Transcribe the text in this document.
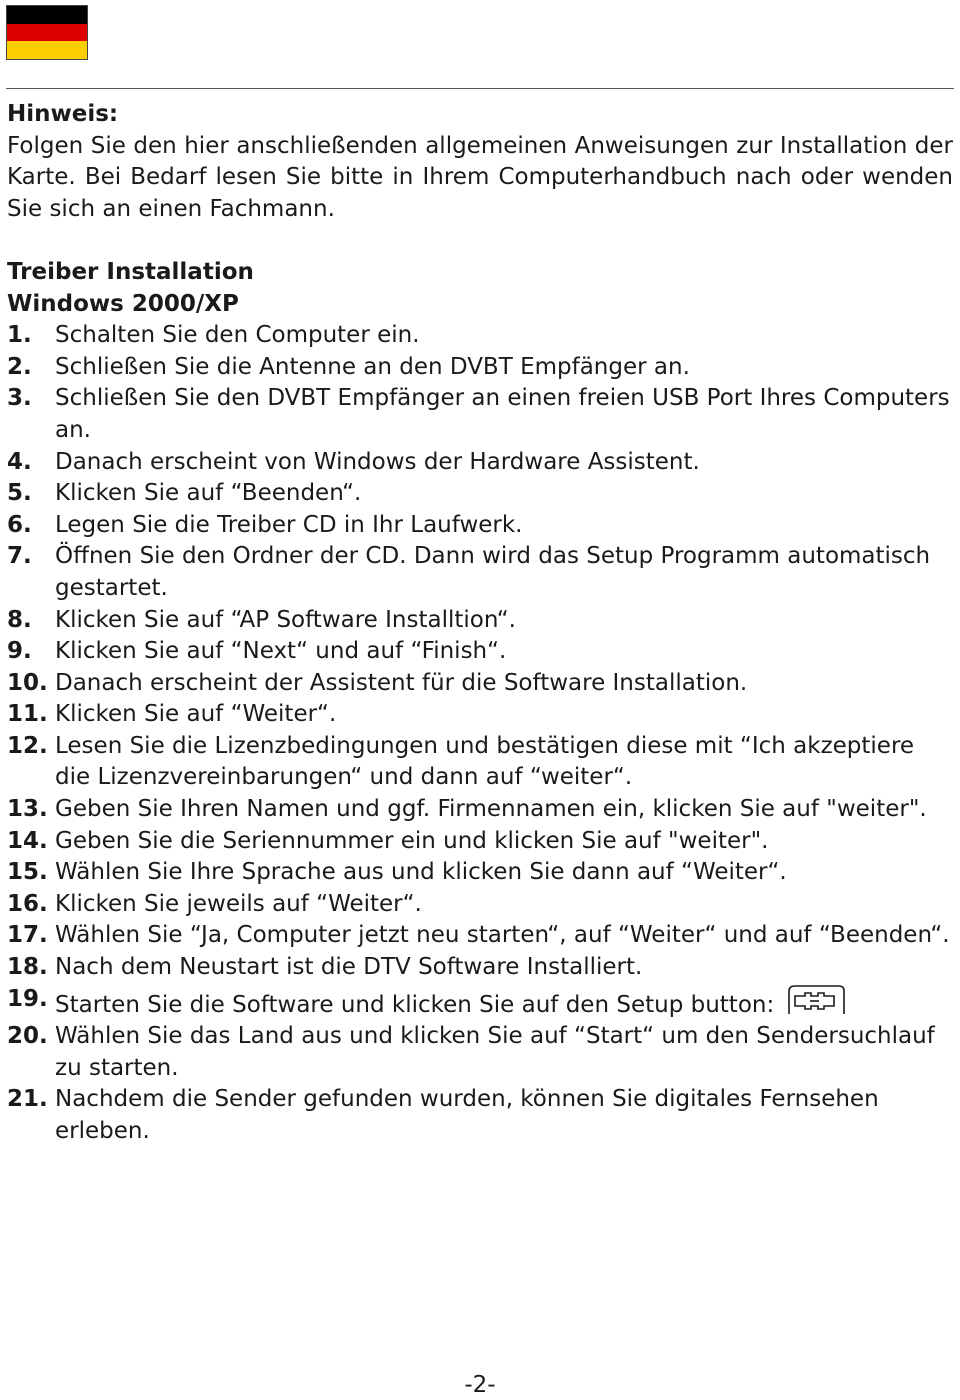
Hinweis:

Folgen Sie den hier anschließenden allgemeinen Anweisungen zur Installation der Karte. Bei Bedarf lesen Sie bitte in Ihrem Computerhandbuch nach oder wenden Sie sich an einen Fachmann.

Treiber Installation

Windows 2000/XP

1.	Schalten Sie den Computer ein.
2.	Schließen Sie die Antenne an den DVBT Empfänger an.
3.	Schließen Sie den DVBT Empfänger an einen freien USB Port Ihres Computers an.
4.	Danach erscheint von Windows der Hardware Assistent.
5.	Klicken Sie auf “Beenden“.
6.	Legen Sie die Treiber CD in Ihr Laufwerk.
7.	Öffnen Sie den Ordner der CD. Dann wird das Setup Programm automatisch gestartet.
8.	Klicken Sie auf “AP Software Installtion“.
9.	Klicken Sie auf “Next“ und auf “Finish“.
10. Danach erscheint der Assistent für die Software Installation.
11. Klicken Sie auf “Weiter“.
12. Lesen Sie die Lizenzbedingungen und bestätigen diese mit “Ich akzeptiere die Lizenzvereinbarungen“ und dann auf “weiter“.
13. Geben Sie Ihren Namen und ggf. Firmennamen ein, klicken Sie auf "weiter".
14. Geben Sie die Seriennummer ein und klicken Sie auf "weiter".
15. Wählen Sie Ihre Sprache aus und klicken Sie dann auf “Weiter“.
16. Klicken Sie jeweils auf “Weiter“.
17. Wählen Sie “Ja, Computer jetzt neu starten“, auf “Weiter“ und auf “Beenden“.
18. Nach dem Neustart ist die DTV Software Installiert.
19. Starten Sie die Software und klicken Sie auf den Setup button:
20. Wählen Sie das Land aus und klicken Sie auf “Start“ um den Sendersuchlauf zu starten.
21. Nachdem die Sender gefunden wurden, können Sie digitales Fernsehen erleben.
-2-
